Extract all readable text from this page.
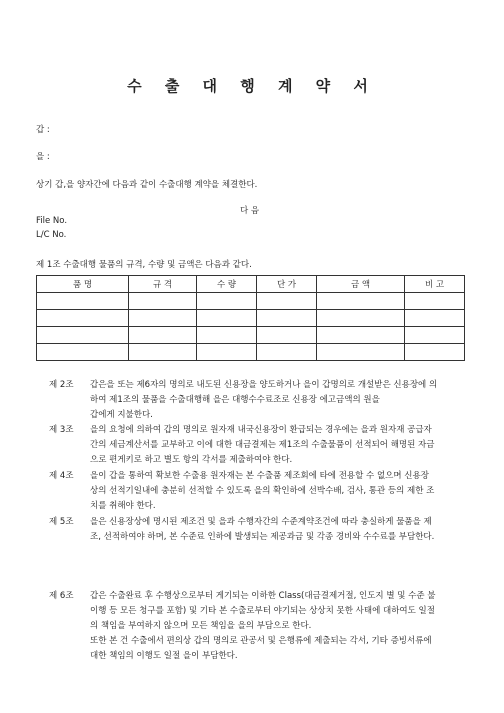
수 출 대 행 계 약 서
갑 :
을 :
상기 갑,을 양자간에 다음과 같이 수출대행 계약을 체결한다.
다 음
File No.
L/C No.
제 1조 수출대행 물품의 규격, 수량 및 금액은 다음과 같다.
품 명	규 격	수 량	단 가	금 액	비 고

제 2조 갑은을 또는 제6자의 명의로 내도된 신용장을 양도하거나 을이 갑명의로 개설받은 신용장에 의
하여 제1조의 물품을 수출대행해 을은 대행수수료조로 신용장 에고금액의 원을
갑에게 지불한다.
제 3조 을의 요청에 의하여 갑의 명의로 원자재 내국신용장이 환급되는 경우에는 을과 원자재 공급자
간의 세금계산서를 교부하고 이에 대한 대금결제는 제1조의 수출물품이 선적되어 해명된 자금
으로 편게키로 하고 별도 항의 각서를 제출하여야 한다.
제 4조 을이 갑을 통하여 확보한 수출용 원자재는 본 수출품 제조회에 타에 전용할 수 없으며 신용장
상의 선적기일내에 충분히 선적할 수 있도록 을의 확인하에 선박수배, 검사, 통관 등의 제한 조
치를 취해야 한다.
제 5조 을은 신용장상에 명시된 제조건 및 을과 수행자간의 수준계약조건에 따라 충실하게 물품을 제
조, 선적하여야 하며, 본 수준료 인하에 발생되는 제공과금 및 각종 경비와 수수료를 부담한다.
제 6조 갑은 수출완료 후 수행상으로부터 게기되는 이하한 Class(대금결제거절, 인도지 별 및 수준 불
이행 등 모든 청구를 포함) 및 기타 본 수출로부터 야기되는 상상치 못한 사태에 대하여도 일절
의 책임을 부여하지 않으며 모든 책임을 을의 부담으로 한다.
또한 본 건 수출에서 편의상 갑의 명의로 관공서 및 은행류에 제출되는 각서, 기타 증빙서류에
대한 책임의 이행도 일절 을이 부담한다.
